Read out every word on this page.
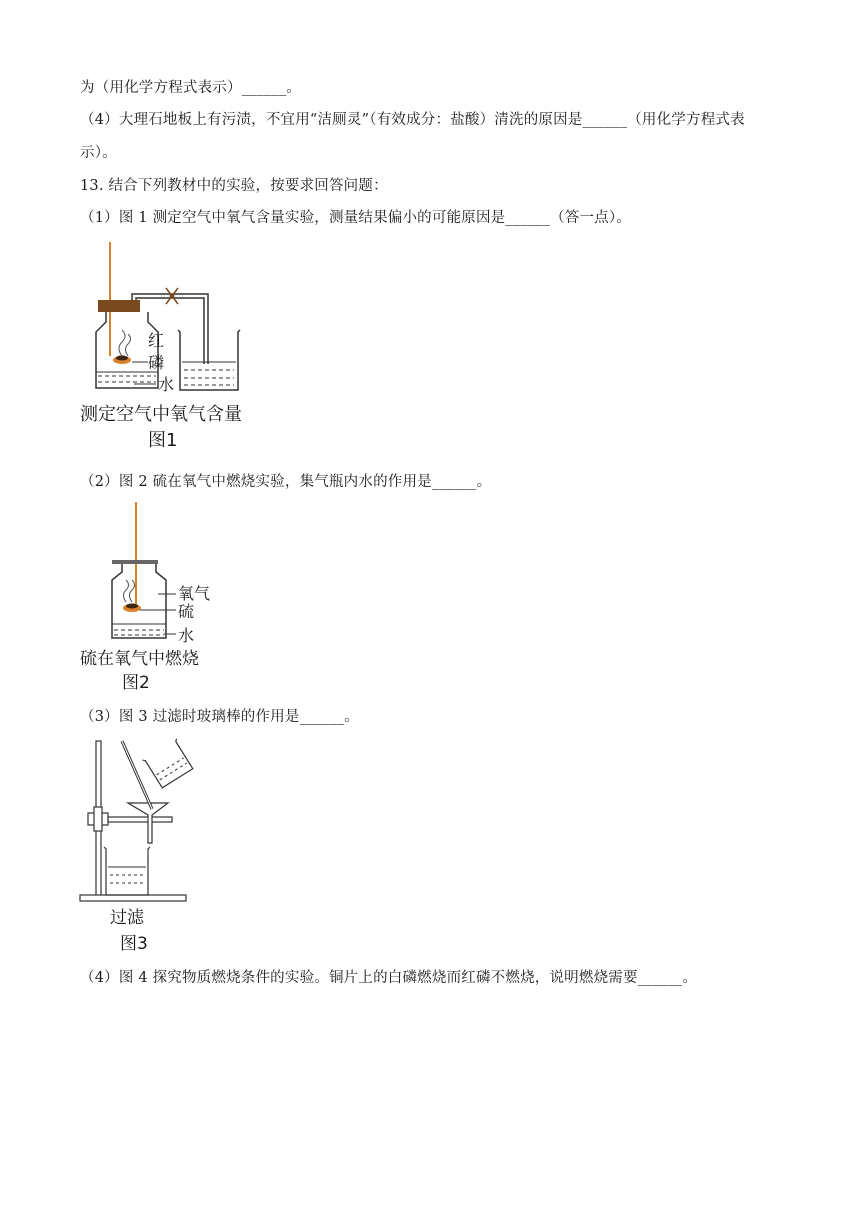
为（用化学方程式表示）______。
（4）大理石地板上有污渍，不宜用“洁厕灵”（有效成分：盐酸）清洗的原因是______（用化学方程式表
示）。
13. 结合下列教材中的实验，按要求回答问题：
（1）图 1 测定空气中氧气含量实验，测量结果偏小的可能原因是______（答一点）。
红
磷
水
测定空气中氧气含量
图1
（2）图 2 硫在氧气中燃烧实验，集气瓶内水的作用是______。
氧气
硫
水
硫在氧气中燃烧
图2
（3）图 3 过滤时玻璃棒的作用是______。
过滤
图3
（4）图 4 探究物质燃烧条件的实验。铜片上的白磷燃烧而红磷不燃烧，说明燃烧需要______。
